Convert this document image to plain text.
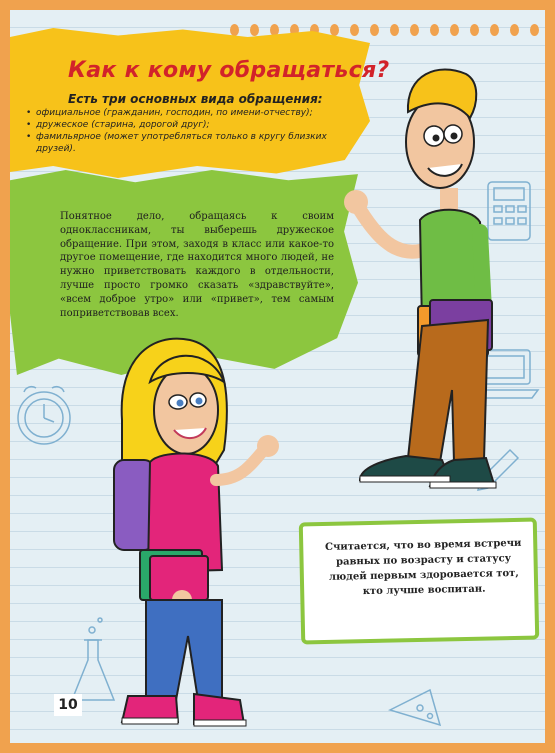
Как к кому обращаться?

Есть три основных вида обращения:

• официальное (гражданин, господин, по имени-отчеству);
• дружеское (старина, дорогой друг);
• фамильярное (может употребляться только в кругу близких друзей).

Понятное дело, обращаясь к своим одноклассникам, ты выберешь дружеское обращение. При этом, заходя в класс или какое-то другое помещение, где находится много людей, не нужно приветствовать каждого в отдельности, лучше просто громко сказать «здравствуйте», «всем доброе утро» или «привет», тем самым поприветствовав всех.

Считается, что во время встречи равных по возрасту и статусу людей первым здоровается тот, кто лучше воспитан.

10
